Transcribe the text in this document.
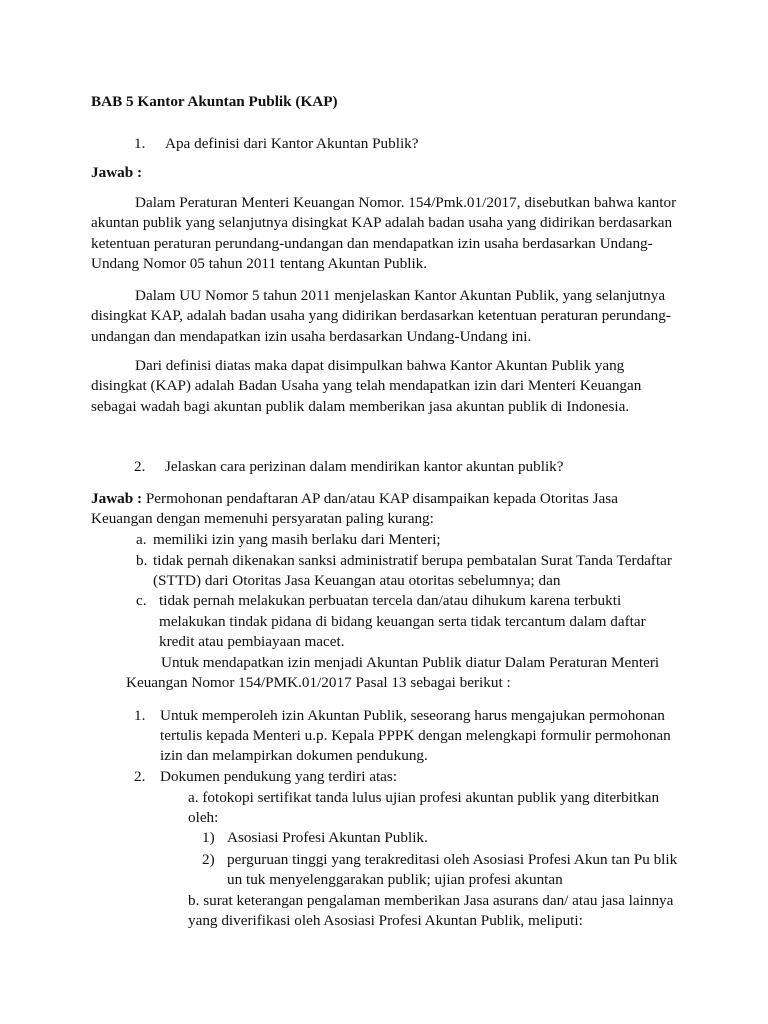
BAB 5 Kantor Akuntan Publik (KAP)
1. Apa definisi dari Kantor Akuntan Publik?
Jawab :
Dalam Peraturan Menteri Keuangan Nomor. 154/Pmk.01/2017, disebutkan bahwa kantor
akuntan publik yang selanjutnya disingkat KAP adalah badan usaha yang didirikan berdasarkan
ketentuan peraturan perundang-undangan dan mendapatkan izin usaha berdasarkan Undang-
Undang Nomor 05 tahun 2011 tentang Akuntan Publik.
Dalam UU Nomor 5 tahun 2011 menjelaskan Kantor Akuntan Publik, yang selanjutnya
disingkat KAP, adalah badan usaha yang didirikan berdasarkan ketentuan peraturan perundang-
undangan dan mendapatkan izin usaha berdasarkan Undang-Undang ini.
Dari definisi diatas maka dapat disimpulkan bahwa Kantor Akuntan Publik yang
disingkat (KAP) adalah Badan Usaha yang telah mendapatkan izin dari Menteri Keuangan
sebagai wadah bagi akuntan publik dalam memberikan jasa akuntan publik di Indonesia.
2. Jelaskan cara perizinan dalam mendirikan kantor akuntan publik?
Jawab : Permohonan pendaftaran AP dan/atau KAP disampaikan kepada Otoritas Jasa
Keuangan dengan memenuhi persyaratan paling kurang:
a. memiliki izin yang masih berlaku dari Menteri;
b. tidak pernah dikenakan sanksi administratif berupa pembatalan Surat Tanda Terdaftar
(STTD) dari Otoritas Jasa Keuangan atau otoritas sebelumnya; dan
c. tidak pernah melakukan perbuatan tercela dan/atau dihukum karena terbukti
melakukan tindak pidana di bidang keuangan serta tidak tercantum dalam daftar
kredit atau pembiayaan macet.
Untuk mendapatkan izin menjadi Akuntan Publik diatur Dalam Peraturan Menteri
Keuangan Nomor 154/PMK.01/2017 Pasal 13 sebagai berikut :
1. Untuk memperoleh izin Akuntan Publik, seseorang harus mengajukan permohonan
tertulis kepada Menteri u.p. Kepala PPPK dengan melengkapi formulir permohonan
izin dan melampirkan dokumen pendukung.
2. Dokumen pendukung yang terdiri atas:
a. fotokopi sertifikat tanda lulus ujian profesi akuntan publik yang diterbitkan
oleh:
1) Asosiasi Profesi Akuntan Publik.
2) perguruan tinggi yang terakreditasi oleh Asosiasi Profesi Akun tan Pu blik
un tuk menyelenggarakan publik; ujian profesi akuntan
b. surat keterangan pengalaman memberikan Jasa asurans dan/ atau jasa lainnya
yang diverifikasi oleh Asosiasi Profesi Akuntan Publik, meliputi:
